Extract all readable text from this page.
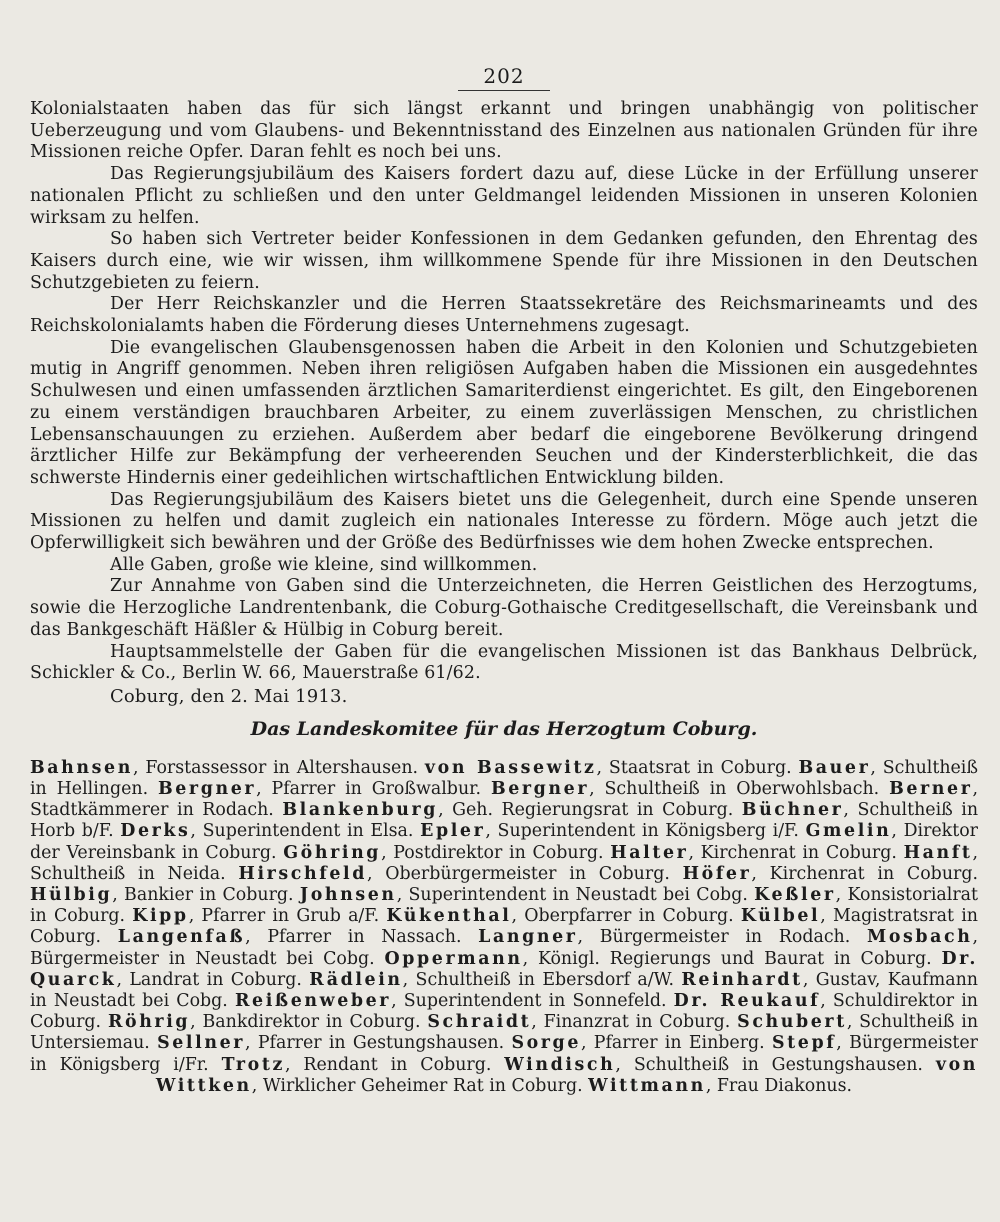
202

Kolonialstaaten haben das für sich längst erkannt und bringen unabhängig von politischer Ueberzeugung und vom Glaubens- und Bekenntnisstand des Einzelnen aus nationalen Gründen für ihre Missionen reiche Opfer. Daran fehlt es noch bei uns.

Das Regierungsjubiläum des Kaisers fordert dazu auf, diese Lücke in der Erfüllung unserer nationalen Pflicht zu schließen und den unter Geldmangel leidenden Missionen in unseren Kolonien wirksam zu helfen.

So haben sich Vertreter beider Konfessionen in dem Gedanken gefunden, den Ehrentag des Kaisers durch eine, wie wir wissen, ihm willkommene Spende für ihre Missionen in den Deutschen Schutzgebieten zu feiern.

Der Herr Reichskanzler und die Herren Staatssekretäre des Reichsmarineamts und des Reichskolonialamts haben die Förderung dieses Unternehmens zugesagt.

Die evangelischen Glaubensgenossen haben die Arbeit in den Kolonien und Schutzgebieten mutig in Angriff genommen. Neben ihren religiösen Aufgaben haben die Missionen ein ausgedehntes Schulwesen und einen umfassenden ärztlichen Samariterdienst eingerichtet. Es gilt, den Eingeborenen zu einem verständigen brauchbaren Arbeiter, zu einem zuverlässigen Menschen, zu christlichen Lebensanschauungen zu erziehen. Außerdem aber bedarf die eingeborene Bevölkerung dringend ärztlicher Hilfe zur Bekämpfung der verheerenden Seuchen und der Kindersterblichkeit, die das schwerste Hindernis einer gedeihlichen wirtschaftlichen Entwicklung bilden.

Das Regierungsjubiläum des Kaisers bietet uns die Gelegenheit, durch eine Spende unseren Missionen zu helfen und damit zugleich ein nationales Interesse zu fördern. Möge auch jetzt die Opferwilligkeit sich bewähren und der Größe des Bedürfnisses wie dem hohen Zwecke entsprechen.

Alle Gaben, große wie kleine, sind willkommen.

Zur Annahme von Gaben sind die Unterzeichneten, die Herren Geistlichen des Herzogtums, sowie die Herzogliche Landrentenbank, die Coburg-Gothaische Creditgesellschaft, die Vereinsbank und das Bankgeschäft Häßler & Hülbig in Coburg bereit.

Hauptsammelstelle der Gaben für die evangelischen Missionen ist das Bankhaus Delbrück, Schickler & Co., Berlin W. 66, Mauerstraße 61/62.

Coburg, den 2. Mai 1913.

Das Landeskomitee für das Herzogtum Coburg.

Bahnsen, Forstassessor in Altershausen. von Bassewitz, Staatsrat in Coburg. Bauer, Schultheiß in Hellingen. Bergner, Pfarrer in Großwalbur. Bergner, Schultheiß in Oberwohlsbach. Berner, Stadtkämmerer in Rodach. Blankenburg, Geh. Regierungsrat in Coburg. Büchner, Schultheiß in Horb b/F. Derks, Superintendent in Elsa. Epler, Superintendent in Königsberg i/F. Gmelin, Direktor der Vereinsbank in Coburg. Göhring, Postdirektor in Coburg. Halter, Kirchenrat in Coburg. Hanft, Schultheiß in Neida. Hirschfeld, Oberbürgermeister in Coburg. Höfer, Kirchenrat in Coburg. Hülbig, Bankier in Coburg. Johnsen, Superintendent in Neustadt bei Cobg. Keßler, Konsistorialrat in Coburg. Kipp, Pfarrer in Grub a/F. Kükenthal, Oberpfarrer in Coburg. Külbel, Magistratsrat in Coburg. Langenfaß, Pfarrer in Nassach. Langner, Bürgermeister in Rodach. Mosbach, Bürgermeister in Neustadt bei Cobg. Oppermann, Königl. Regierungs und Baurat in Coburg. Dr. Quarck, Landrat in Coburg. Rädlein, Schultheiß in Ebersdorf a/W. Reinhardt, Gustav, Kaufmann in Neustadt bei Cobg. Reißenweber, Superintendent in Sonnefeld. Dr. Reukauf, Schuldirektor in Coburg. Röhrig, Bankdirektor in Coburg. Schraidt, Finanzrat in Coburg. Schubert, Schultheiß in Untersiemau. Sellner, Pfarrer in Gestungshausen. Sorge, Pfarrer in Einberg. Stepf, Bürgermeister in Königsberg i/Fr. Trotz, Rendant in Coburg. Windisch, Schultheiß in Gestungshausen. von Wittken, Wirklicher Geheimer Rat in Coburg. Wittmann, Frau Diakonus.
